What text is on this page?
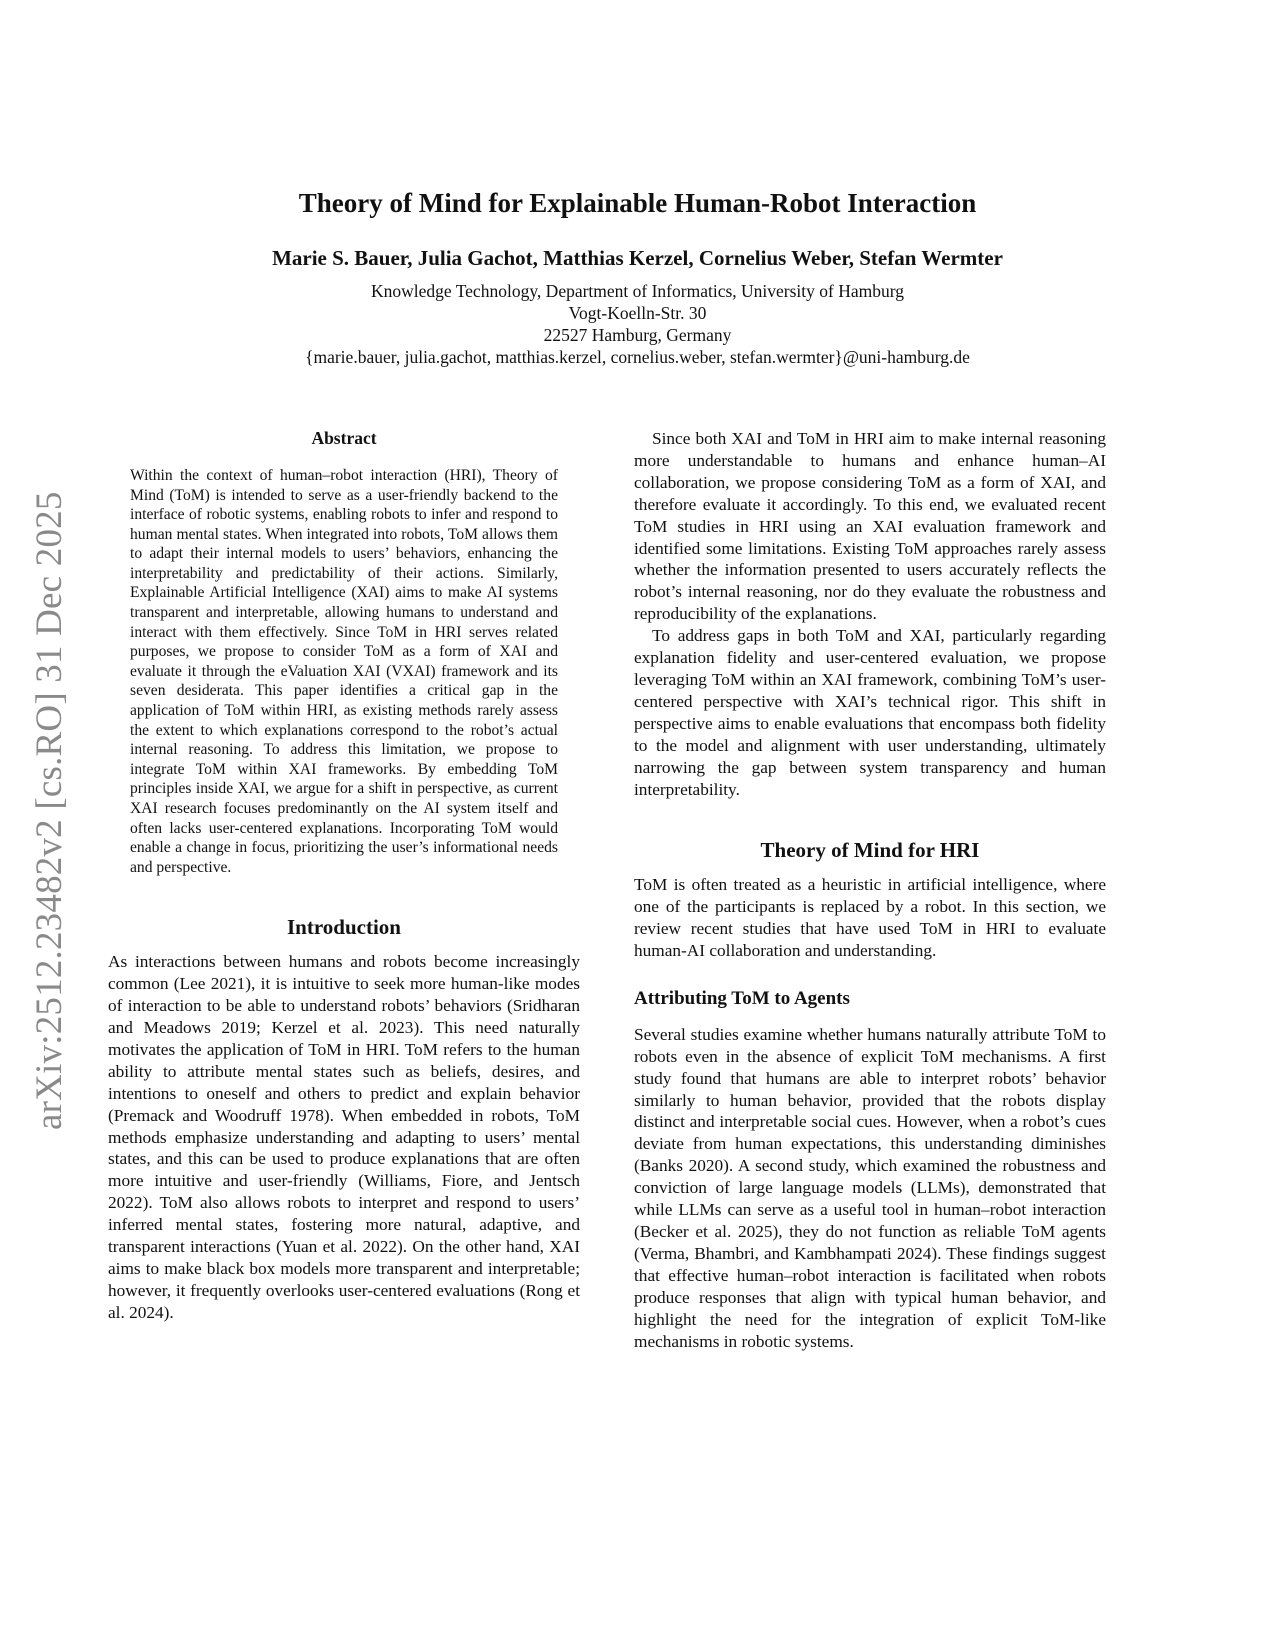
arXiv:2512.23482v2 [cs.RO] 31 Dec 2025
Theory of Mind for Explainable Human-Robot Interaction
Marie S. Bauer, Julia Gachot, Matthias Kerzel, Cornelius Weber, Stefan Wermter
Knowledge Technology, Department of Informatics, University of Hamburg
Vogt-Koelln-Str. 30
22527 Hamburg, Germany
{marie.bauer, julia.gachot, matthias.kerzel, cornelius.weber, stefan.wermter}@uni-hamburg.de
Abstract

Within the context of human–robot interaction (HRI), Theory of Mind (ToM) is intended to serve as a user-friendly backend to the interface of robotic systems, enabling robots to infer and respond to human mental states. When integrated into robots, ToM allows them to adapt their internal models to users’ behaviors, enhancing the interpretability and predictability of their actions. Similarly, Explainable Artificial Intelligence (XAI) aims to make AI systems transparent and interpretable, allowing humans to understand and interact with them effectively. Since ToM in HRI serves related purposes, we propose to consider ToM as a form of XAI and evaluate it through the eValuation XAI (VXAI) framework and its seven desiderata. This paper identifies a critical gap in the application of ToM within HRI, as existing methods rarely assess the extent to which explanations correspond to the robot’s actual internal reasoning. To address this limitation, we propose to integrate ToM within XAI frameworks. By embedding ToM principles inside XAI, we argue for a shift in perspective, as current XAI research focuses predominantly on the AI system itself and often lacks user-centered explanations. Incorporating ToM would enable a change in focus, prioritizing the user’s informational needs and perspective.

Introduction

As interactions between humans and robots become increasingly common (Lee 2021), it is intuitive to seek more human-like modes of interaction to be able to understand robots’ behaviors (Sridharan and Meadows 2019; Kerzel et al. 2023). This need naturally motivates the application of ToM in HRI. ToM refers to the human ability to attribute mental states such as beliefs, desires, and intentions to oneself and others to predict and explain behavior (Premack and Woodruff 1978). When embedded in robots, ToM methods emphasize understanding and adapting to users’ mental states, and this can be used to produce explanations that are often more intuitive and user-friendly (Williams, Fiore, and Jentsch 2022). ToM also allows robots to interpret and respond to users’ inferred mental states, fostering more natural, adaptive, and transparent interactions (Yuan et al. 2022). On the other hand, XAI aims to make black box models more transparent and interpretable; however, it frequently overlooks user-centered evaluations (Rong et al. 2024).

Since both XAI and ToM in HRI aim to make internal reasoning more understandable to humans and enhance human–AI collaboration, we propose considering ToM as a form of XAI, and therefore evaluate it accordingly. To this end, we evaluated recent ToM studies in HRI using an XAI evaluation framework and identified some limitations. Existing ToM approaches rarely assess whether the information presented to users accurately reflects the robot’s internal reasoning, nor do they evaluate the robustness and reproducibility of the explanations.

To address gaps in both ToM and XAI, particularly regarding explanation fidelity and user-centered evaluation, we propose leveraging ToM within an XAI framework, combining ToM’s user-centered perspective with XAI’s technical rigor. This shift in perspective aims to enable evaluations that encompass both fidelity to the model and alignment with user understanding, ultimately narrowing the gap between system transparency and human interpretability.

Theory of Mind for HRI

ToM is often treated as a heuristic in artificial intelligence, where one of the participants is replaced by a robot. In this section, we review recent studies that have used ToM in HRI to evaluate human-AI collaboration and understanding.

Attributing ToM to Agents

Several studies examine whether humans naturally attribute ToM to robots even in the absence of explicit ToM mechanisms. A first study found that humans are able to interpret robots’ behavior similarly to human behavior, provided that the robots display distinct and interpretable social cues. However, when a robot’s cues deviate from human expectations, this understanding diminishes (Banks 2020). A second study, which examined the robustness and conviction of large language models (LLMs), demonstrated that while LLMs can serve as a useful tool in human–robot interaction (Becker et al. 2025), they do not function as reliable ToM agents (Verma, Bhambri, and Kambhampati 2024). These findings suggest that effective human–robot interaction is facilitated when robots produce responses that align with typical human behavior, and highlight the need for the integration of explicit ToM-like mechanisms in robotic systems.
